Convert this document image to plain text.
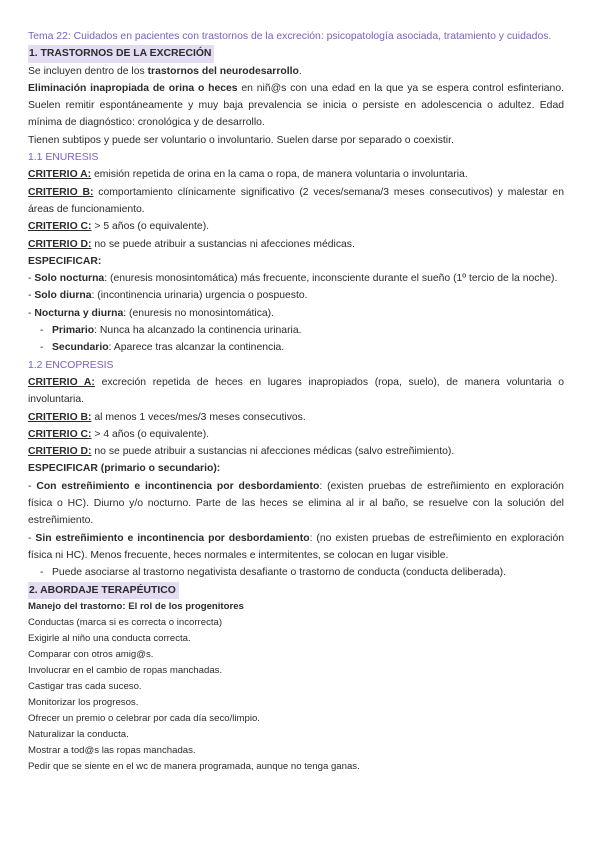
Tema 22: Cuidados en pacientes con trastornos de la excreción: psicopatología asociada, tratamiento y cuidados.

1. TRASTORNOS DE LA EXCRECIÓN

Se incluyen dentro de los trastornos del neurodesarrollo.

Eliminación inapropiada de orina o heces en niñ@s con una edad en la que ya se espera control esfinteriano. Suelen remitir espontáneamente y muy baja prevalencia se inicia o persiste en adolescencia o adultez. Edad mínima de diagnóstico: cronológica y de desarrollo.

Tienen subtipos y puede ser voluntario o involuntario. Suelen darse por separado o coexistir.

1.1 ENURESIS

CRITERIO A: emisión repetida de orina en la cama o ropa, de manera voluntaria o involuntaria.

CRITERIO B: comportamiento clínicamente significativo (2 veces/semana/3 meses consecutivos) y malestar en áreas de funcionamiento.

CRITERIO C: > 5 años (o equivalente).

CRITERIO D: no se puede atribuir a sustancias ni afecciones médicas.

ESPECIFICAR:

- Solo nocturna: (enuresis monosintomática) más frecuente, inconsciente durante el sueño (1º tercio de la noche).

- Solo diurna: (incontinencia urinaria) urgencia o pospuesto.

- Nocturna y diurna: (enuresis no monosintomática).

- Primario: Nunca ha alcanzado la continencia urinaria.

- Secundario: Aparece tras alcanzar la continencia.

1.2 ENCOPRESIS

CRITERIO A: excreción repetida de heces en lugares inapropiados (ropa, suelo), de manera voluntaria o involuntaria.

CRITERIO B: al menos 1 veces/mes/3 meses consecutivos.

CRITERIO C: > 4 años (o equivalente).

CRITERIO D: no se puede atribuir a sustancias ni afecciones médicas (salvo estreñimiento).

ESPECIFICAR (primario o secundario):

- Con estreñimiento e incontinencia por desbordamiento: (existen pruebas de estreñimiento en exploración física o HC). Diurno y/o nocturno. Parte de las heces se elimina al ir al baño, se resuelve con la solución del estreñimiento.

- Sin estreñimiento e incontinencia por desbordamiento: (no existen pruebas de estreñimiento en exploración física ni HC). Menos frecuente, heces normales e intermitentes, se colocan en lugar visible.

- Puede asociarse al trastorno negativista desafiante o trastorno de conducta (conducta deliberada).

2. ABORDAJE TERAPÉUTICO

Manejo del trastorno: El rol de los progenitores

Conductas (marca si es correcta o incorrecta)

Exigirle al niño una conducta correcta.

Comparar con otros amig@s.

Involucrar en el cambio de ropas manchadas.

Castigar tras cada suceso.

Monitorizar los progresos.

Ofrecer un premio o celebrar por cada día seco/limpio.

Naturalizar la conducta.

Mostrar a tod@s las ropas manchadas.

Pedir que se siente en el wc de manera programada, aunque no tenga ganas.
